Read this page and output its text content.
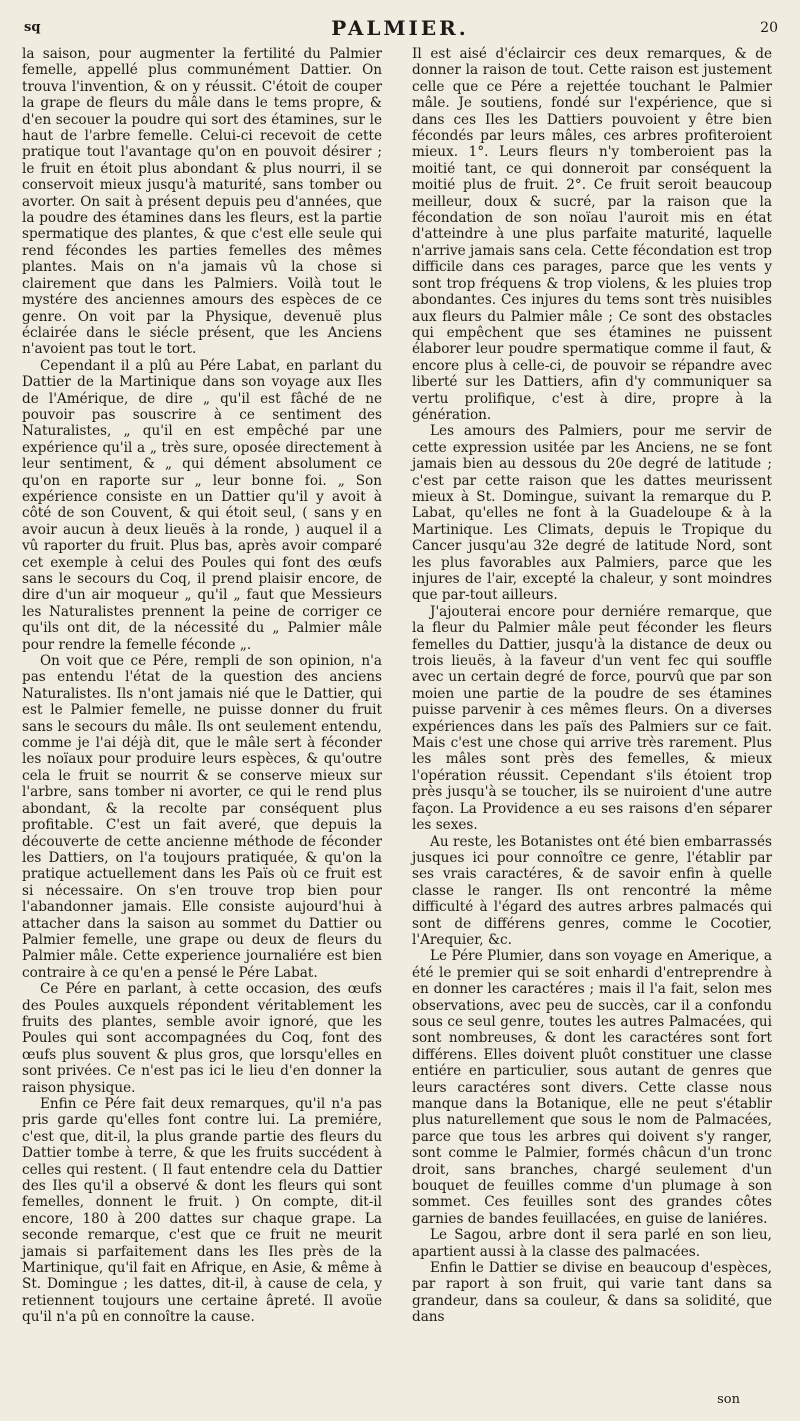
sq	PALMIER.	20

la saison, pour augmenter la fertilité du Palmier femelle, appellé plus communément Dattier. On trouva l'invention, & on y réussit. C'étoit de couper la grape de fleurs du mâle dans le tems propre, & d'en secouer la poudre qui sort des étamines, sur le haut de l'arbre femelle. Celui-ci recevoit de cette pratique tout l'avantage qu'on en pouvoit désirer ; le fruit en étoit plus abondant & plus nourri, il se conservoit mieux jusqu'à maturité, sans tomber ou avorter. On sait à présent depuis peu d'années, que la poudre des étamines dans les fleurs, est la partie spermatique des plantes, & que c'est elle seule qui rend fécondes les parties femelles des mêmes plantes. Mais on n'a jamais vû la chose si clairement que dans les Palmiers. Voilà tout le mystére des anciennes amours des espèces de ce genre. On voit par la Physique, devenuë plus éclairée dans le siécle présent, que les Anciens n'avoient pas tout le tort.

Cependant il a plû au Pére Labat, en parlant du Dattier de la Martinique dans son voyage aux Iles de l'Amérique, de dire „ qu'il est fâché de ne pouvoir pas souscrire à ce sentiment des Naturalistes, „ qu'il en est empêché par une expérience qu'il a „ très sure, oposée directement à leur sentiment, & „ qui dément absolument ce qu'on en raporte sur „ leur bonne foi. „ Son expérience consiste en un Dattier qu'il y avoit à côté de son Couvent, & qui étoit seul, ( sans y en avoir aucun à deux lieuës à la ronde, ) auquel il a vû raporter du fruit. Plus bas, après avoir comparé cet exemple à celui des Poules qui font des œufs sans le secours du Coq, il prend plaisir encore, de dire d'un air moqueur „ qu'il „ faut que Messieurs les Naturalistes prennent la peine de corriger ce qu'ils ont dit, de la nécessité du „ Palmier mâle pour rendre la femelle féconde „.

On voit que ce Pére, rempli de son opinion, n'a pas entendu l'état de la question des anciens Naturalistes. Ils n'ont jamais nié que le Dattier, qui est le Palmier femelle, ne puisse donner du fruit sans le secours du mâle. Ils ont seulement entendu, comme je l'ai déjà dit, que le mâle sert à féconder les noïaux pour produire leurs espèces, & qu'outre cela le fruit se nourrit & se conserve mieux sur l'arbre, sans tomber ni avorter, ce qui le rend plus abondant, & la recolte par conséquent plus profitable. C'est un fait averé, que depuis la découverte de cette ancienne méthode de féconder les Dattiers, on l'a toujours pratiquée, & qu'on la pratique actuellement dans les Païs où ce fruit est si nécessaire. On s'en trouve trop bien pour l'abandonner jamais. Elle consiste aujourd'hui à attacher dans la saison au sommet du Dattier ou Palmier femelle, une grape ou deux de fleurs du Palmier mâle. Cette experience journaliére est bien contraire à ce qu'en a pensé le Pére Labat.

Ce Pére en parlant, à cette occasion, des œufs des Poules auxquels répondent véritablement les fruits des plantes, semble avoir ignoré, que les Poules qui sont accompagnées du Coq, font des œufs plus souvent & plus gros, que lorsqu'elles en sont privées. Ce n'est pas ici le lieu d'en donner la raison physique.

Enfin ce Pére fait deux remarques, qu'il n'a pas pris garde qu'elles font contre lui. La premiére, c'est que, dit-il, la plus grande partie des fleurs du Dattier tombe à terre, & que les fruits succédent à celles qui restent. ( Il faut entendre cela du Dattier des Iles qu'il a observé & dont les fleurs qui sont femelles, donnent le fruit. ) On compte, dit-il encore, 180 à 200 dattes sur chaque grape. La seconde remarque, c'est que ce fruit ne meurit jamais si parfaitement dans les Iles près de la Martinique, qu'il fait en Afrique, en Asie, & même à St. Domingue ; les dattes, dit-il, à cause de cela, y retiennent toujours une certaine âpreté. Il avoüe qu'il n'a pû en connoître la cause.

Il est aisé d'éclaircir ces deux remarques, & de donner la raison de tout. Cette raison est justement celle que ce Pére a rejettée touchant le Palmier mâle. Je soutiens, fondé sur l'expérience, que si dans ces Iles les Dattiers pouvoient y être bien fécondés par leurs mâles, ces arbres profiteroient mieux. 1°. Leurs fleurs n'y tomberoient pas la moitié tant, ce qui donneroit par conséquent la moitié plus de fruit. 2°. Ce fruit seroit beaucoup meilleur, doux & sucré, par la raison que la fécondation de son noïau l'auroit mis en état d'atteindre à une plus parfaite maturité, laquelle n'arrive jamais sans cela. Cette fécondation est trop difficile dans ces parages, parce que les vents y sont trop fréquens & trop violens, & les pluies trop abondantes. Ces injures du tems sont très nuisibles aux fleurs du Palmier mâle ; Ce sont des obstacles qui empêchent que ses étamines ne puissent élaborer leur poudre spermatique comme il faut, & encore plus à celle-ci, de pouvoir se répandre avec liberté sur les Dattiers, afin d'y communiquer sa vertu prolifique, c'est à dire, propre à la génération.

Les amours des Palmiers, pour me servir de cette expression usitée par les Anciens, ne se font jamais bien au dessous du 20e degré de latitude ; c'est par cette raison que les dattes meurissent mieux à St. Domingue, suivant la remarque du P. Labat, qu'elles ne font à la Guadeloupe & à la Martinique. Les Climats, depuis le Tropique du Cancer jusqu'au 32e degré de latitude Nord, sont les plus favorables aux Palmiers, parce que les injures de l'air, excepté la chaleur, y sont moindres que par-tout ailleurs.

J'ajouterai encore pour derniére remarque, que la fleur du Palmier mâle peut féconder les fleurs femelles du Dattier, jusqu'à la distance de deux ou trois lieuës, à la faveur d'un vent fec qui souffle avec un certain degré de force, pourvû que par son moien une partie de la poudre de ses étamines puisse parvenir à ces mêmes fleurs. On a diverses expériences dans les païs des Palmiers sur ce fait. Mais c'est une chose qui arrive très rarement. Plus les mâles sont près des femelles, & mieux l'opération réussit. Cependant s'ils étoient trop près jusqu'à se toucher, ils se nuiroient d'une autre façon. La Providence a eu ses raisons d'en séparer les sexes.

Au reste, les Botanistes ont été bien embarrassés jusques ici pour connoître ce genre, l'établir par ses vrais caractéres, & de savoir enfin à quelle classe le ranger. Ils ont rencontré la même difficulté à l'égard des autres arbres palmacés qui sont de différens genres, comme le Cocotier, l'Arequier, &c.

Le Pére Plumier, dans son voyage en Amerique, a été le premier qui se soit enhardi d'entreprendre à en donner les caractéres ; mais il l'a fait, selon mes observations, avec peu de succès, car il a confondu sous ce seul genre, toutes les autres Palmacées, qui sont nombreuses, & dont les caractéres sont fort différens. Elles doivent pluôt constituer une classe entiére en particulier, sous autant de genres que leurs caractéres sont divers. Cette classe nous manque dans la Botanique, elle ne peut s'établir plus naturellement que sous le nom de Palmacées, parce que tous les arbres qui doivent s'y ranger, sont comme le Palmier, formés châcun d'un tronc droit, sans branches, chargé seulement d'un bouquet de feuilles comme d'un plumage à son sommet. Ces feuilles sont des grandes côtes garnies de bandes feuillacées, en guise de laniéres.

Le Sagou, arbre dont il sera parlé en son lieu, apartient aussi à la classe des palmacées.

Enfin le Dattier se divise en beaucoup d'espèces, par raport à son fruit, qui varie tant dans sa grandeur, dans sa couleur, & dans sa solidité, que dans

son
